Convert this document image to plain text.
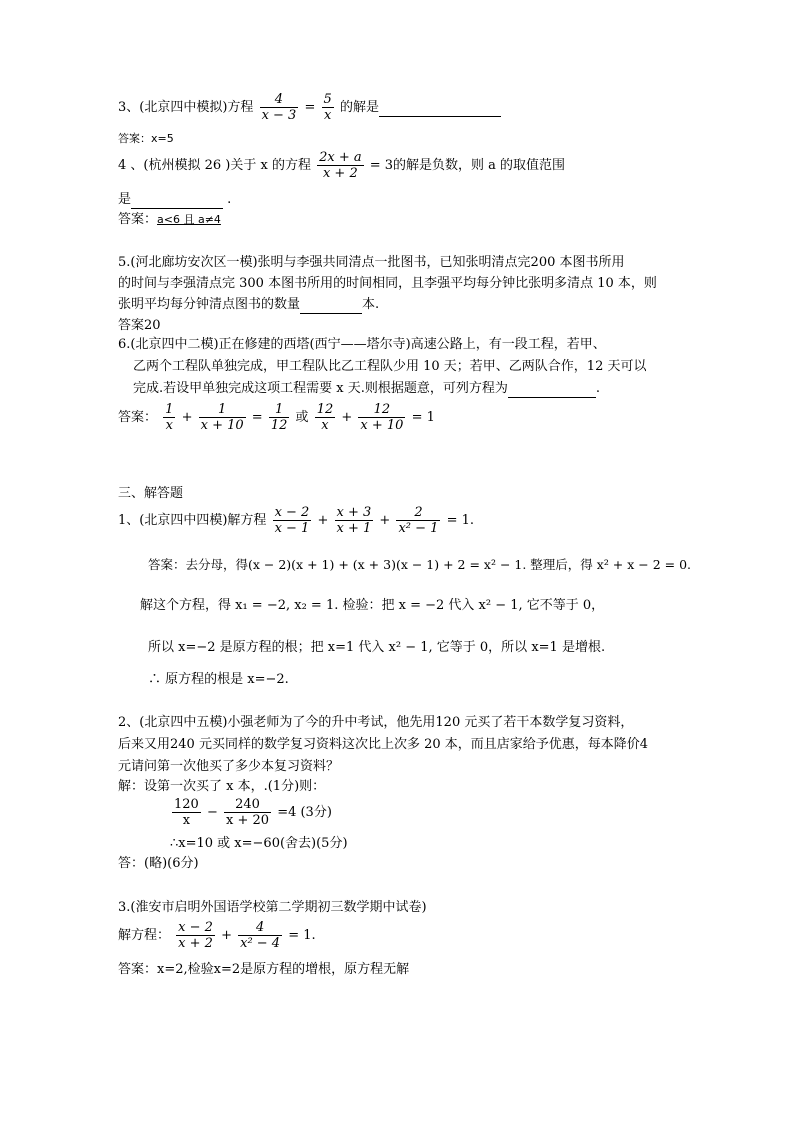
3、(北京四中模拟)方程 $\frac{4}{x - 3} = \frac{5}{x}$ 的解是
答案：x=5
4 、(杭州模拟 26 )关于 x 的方程 $\frac{2x + a}{x + 2} = 3$的解是负数，则 a 的取值范围
是	.
答案：a<6 且 a≠4
5.(河北廊坊安次区一模)张明与李强共同清点一批图书，已知张明清点完200 本图书所用
的时间与李强清点完 300 本图书所用的时间相同，且李强平均每分钟比张明多清点 10 本，则
张明平均每分钟清点图书的数量	本.
答案20
6.(北京四中二模)正在修建的西塔(西宁——塔尔寺)高速公路上，有一段工程，若甲、
乙两个工程队单独完成，甲工程队比乙工程队少用 10 天；若甲、乙两队合作，12 天可以
完成.若设甲单独完成这项工程需要 x 天.则根据题意，可列方程为	.
答案： $\frac{1}{x} + \frac{1}{x + 10} = \frac{1}{12}$ 或 $\frac{12}{x} + \frac{12}{x + 10} = 1$
三、解答题
1、(北京四中四模)解方程 $\frac{x - 2}{x - 1} + \frac{x + 3}{x + 1} + \frac{2}{\text{x² − 1}} = 1$.
答案：去分母，得(x − 2)(x + 1) + (x + 3)(x − 1) + 2 = x² − 1. 整理后，得 x² + x − 2 = 0.
解这个方程，得 x₁ = −2, x₂ = 1. 检验：把 x = −2 代入 x² − 1, 它不等于 0，
所以 x=−2 是原方程的根；把 x=1 代入 x² − 1, 它等于 0，所以 x=1 是增根.
∴ 原方程的根是 x=−2.
2、(北京四中五模)小强老师为了今的升中考试，他先用120 元买了若干本数学复习资料，
后来又用240 元买同样的数学复习资料这次比上次多 20 本，而且店家给予优惠，每本降价4
元请问第一次他买了多少本复习资料？
解：设第一次买了 x 本，.(1分)则：
$\frac{120}{x} - \frac{240}{x + 20} =4$ (3分)
∴x=10 或 x=−60(舍去)(5分)
答：(略)(6分)
3.(淮安市启明外国语学校第二学期初三数学期中试卷)
解方程： $\frac{x - 2}{x + 2} + \frac{4}{\text{x² − 4}} = 1$.
答案：x=2,检验x=2是原方程的增根，原方程无解
